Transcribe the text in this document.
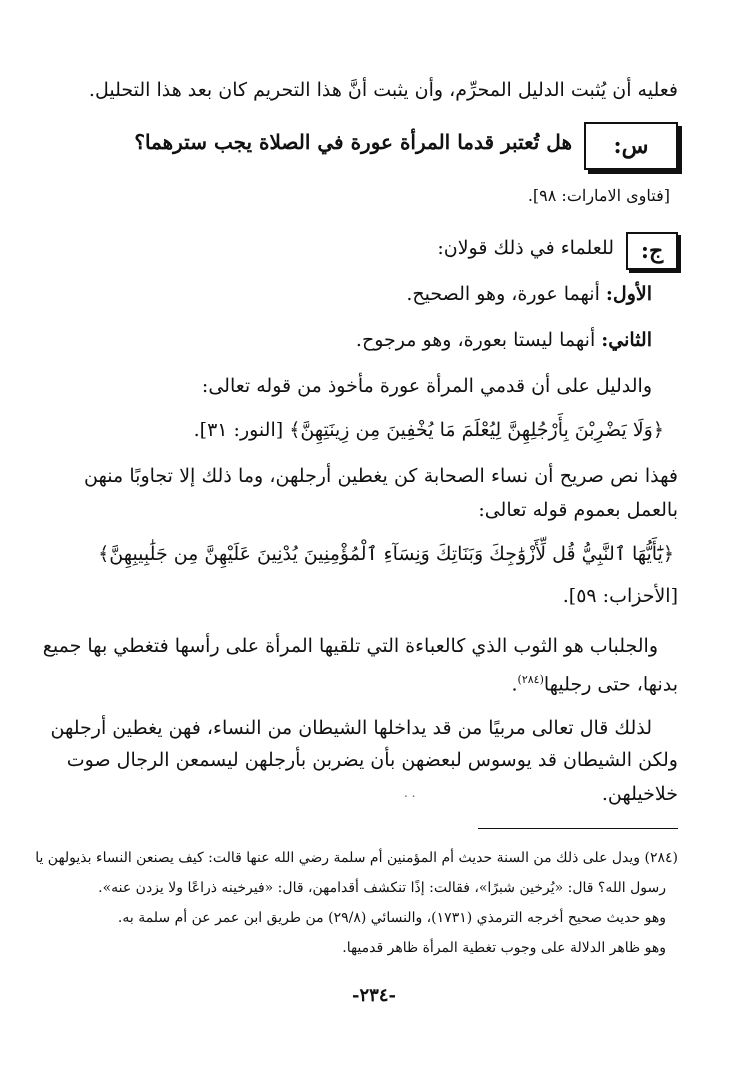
فعليه أن يُثبت الدليل المحرِّم، وأن يثبت أنَّ هذا التحريم كان بعد هذا التحليل.
س:
هل تُعتبر قدما المرأة عورة في الصلاة يجب سترهما؟
[فتاوى الامارات: ٩٨].
ج:
للعلماء في ذلك قولان:
الأول: أنهما عورة، وهو الصحيح.
الثاني: أنهما ليستا بعورة، وهو مرجوح.
والدليل على أن قدمي المرأة عورة مأخوذ من قوله تعالى:
﴿وَلَا يَضْرِبْنَ بِأَرْجُلِهِنَّ لِيُعْلَمَ مَا يُخْفِينَ مِن زِينَتِهِنَّ﴾ [النور: ٣١].
فهذا نص صريح أن نساء الصحابة كن يغطين أرجلهن، وما ذلك إلا تجاوبًا منهن
بالعمل بعموم قوله تعالى:
﴿يَٰٓأَيُّهَا ٱلنَّبِيُّ قُل لِّأَزْوَٰجِكَ وَبَنَاتِكَ وَنِسَآءِ ٱلْمُؤْمِنِينَ يُدْنِينَ عَلَيْهِنَّ مِن جَلَٰبِيبِهِنَّ﴾
[الأحزاب: ٥٩].
والجلباب هو الثوب الذي كالعباءة التي تلقيها المرأة على رأسها فتغطي بها جميع
بدنها، حتى رجليها$^{(٢٨٤)}$.
لذلك قال تعالى مربيًا من قد يداخلها الشيطان من النساء، فهن يغطين أرجلهن
ولكن الشيطان قد يوسوس لبعضهن بأن يضربن بأرجلهن ليسمعن الرجال صوت
خلاخيلهن.
. .
(٢٨٤) ويدل على ذلك من السنة حديث أم المؤمنين أم سلمة رضي الله عنها قالت: كيف يصنعن النساء بذيولهن يا
رسول الله؟ قال: «يُرخين شبرًا»، فقالت: إذًا تنكشف أقدامهن، قال: «فيرخينه ذراعًا ولا يزدن عنه».
وهو حديث صحيح أخرجه الترمذي (١٧٣١)، والنسائي (٢٩/٨) من طريق ابن عمر عن أم سلمة به.
وهو ظاهر الدلالة على وجوب تغطية المرأة ظاهر قدميها.
-٢٣٤-
